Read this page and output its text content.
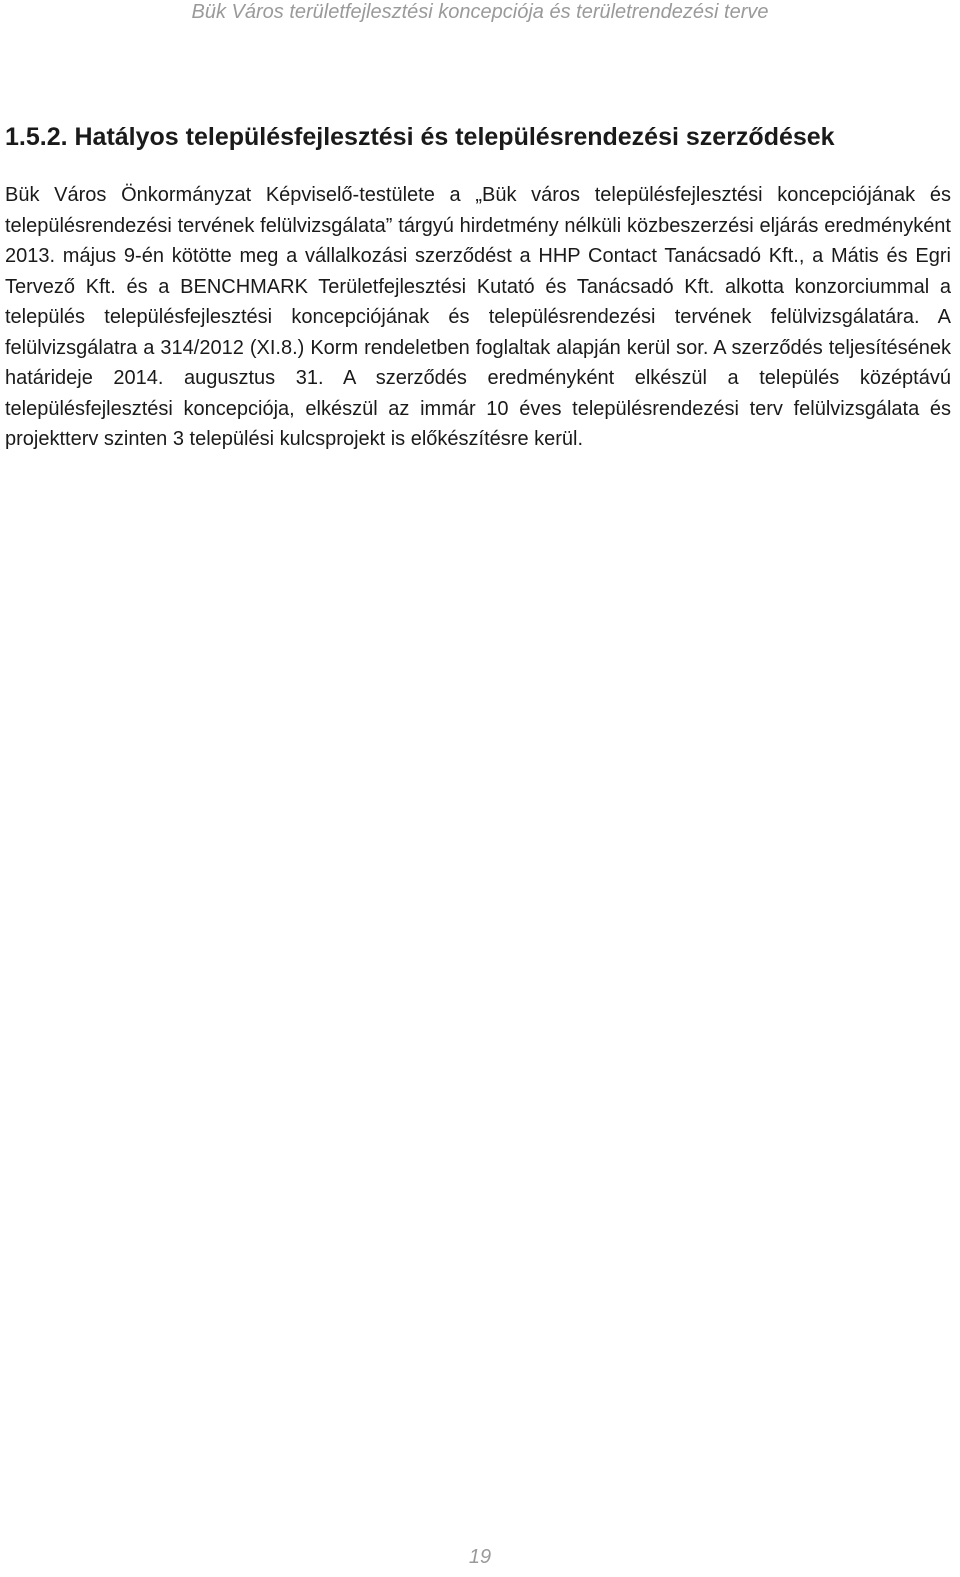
Bük Város területfejlesztési koncepciója és területrendezési terve
1.5.2. Hatályos településfejlesztési és településrendezési szerződések

Bük Város Önkormányzat Képviselő-testülete a „Bük város településfejlesztési koncepciójának és településrendezési tervének felülvizsgálata” tárgyú hirdetmény nélküli közbeszerzési eljárás eredményként 2013. május 9-én kötötte meg a vállalkozási szerződést a HHP Contact Tanácsadó Kft., a Mátis és Egri Tervező Kft. és a BENCHMARK Területfejlesztési Kutató és Tanácsadó Kft. alkotta konzorciummal a település településfejlesztési koncepciójának és településrendezési tervének felülvizsgálatára. A felülvizsgálatra a 314/2012 (XI.8.) Korm rendeletben foglaltak alapján kerül sor. A szerződés teljesítésének határideje 2014. augusztus 31. A szerződés eredményként elkészül a település középtávú településfejlesztési koncepciója, elkészül az immár 10 éves településrendezési terv felülvizsgálata és projektterv szinten 3 települési kulcsprojekt is előkészítésre kerül.

19
